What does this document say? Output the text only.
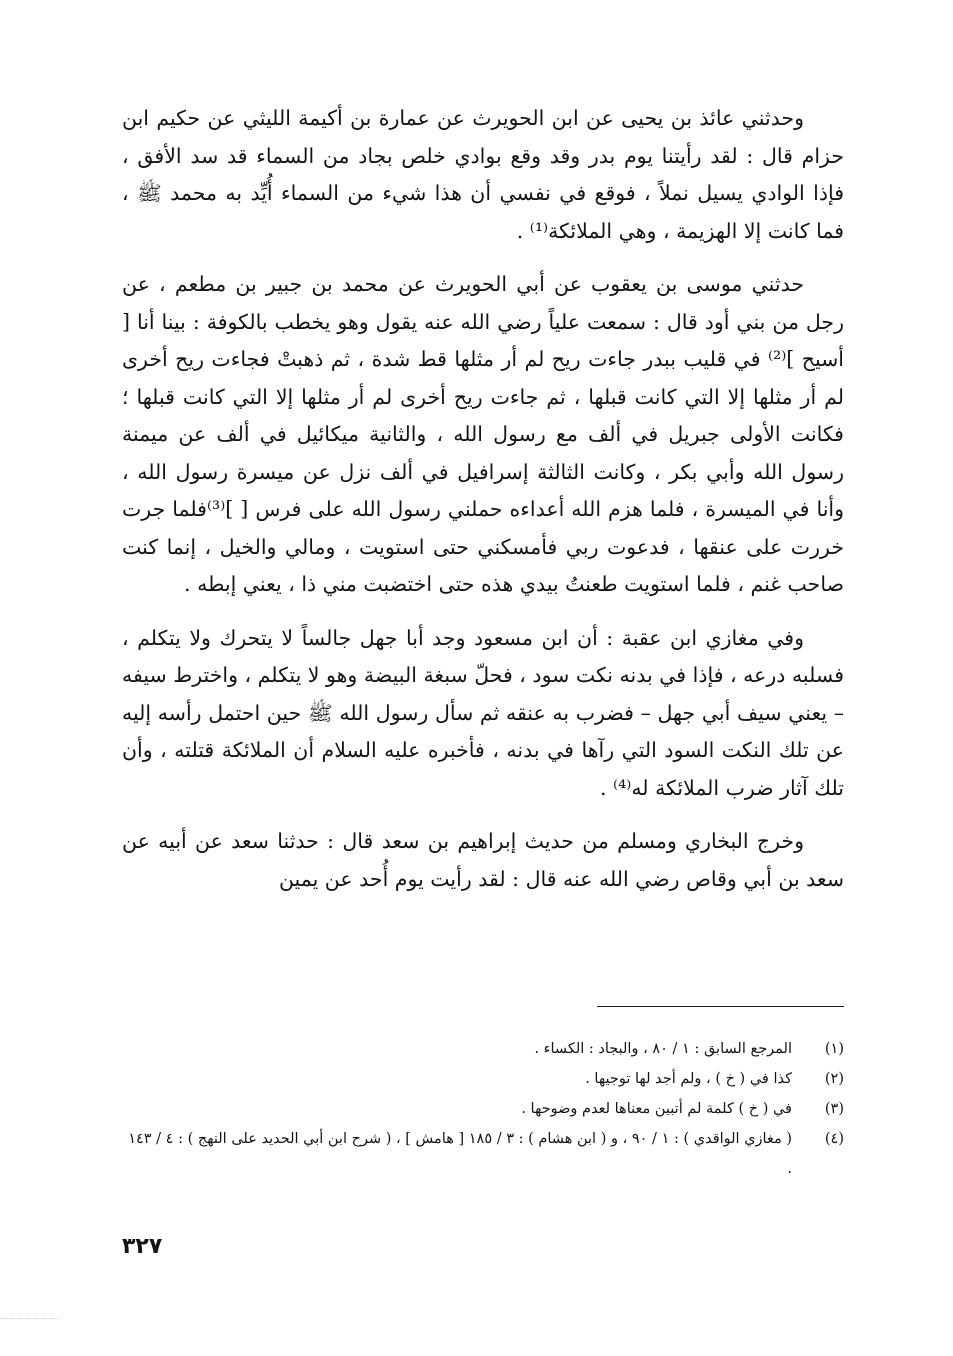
وحدثني عائذ بن يحيى عن ابن الحويرث عن عمارة بن أكيمة الليثي عن حكيم ابن حزام قال : لقد رأيتنا يوم بدر وقد وقع بوادي خلص بجاد من السماء قد سد الأفق ، فإذا الوادي يسيل نملاً ، فوقع في نفسي أن هذا شيء من السماء أُيِّد به محمد ﷺ ، فما كانت إلا الهزيمة ، وهي الملائكة⁽¹⁾ .

حدثني موسى بن يعقوب عن أبي الحويرث عن محمد بن جبير بن مطعم ، عن رجل من بني أود قال : سمعت علياً رضي الله عنه يقول وهو يخطب بالكوفة : بينا أنا [ أسيح ]⁽²⁾ في قليب ببدر جاءت ريح لم أر مثلها قط شدة ، ثم ذهبتْ فجاءت ريح أخرى لم أر مثلها إلا التي كانت قبلها ، ثم جاءت ريح أخرى لم أر مثلها إلا التي كانت قبلها ؛ فكانت الأولى جبريل في ألف مع رسول الله ، والثانية ميكائيل في ألف عن ميمنة رسول الله وأبي بكر ، وكانت الثالثة إسرافيل في ألف نزل عن ميسرة رسول الله ، وأنا في الميسرة ، فلما هزم الله أعداءه حملني رسول الله على فرس [ ]⁽³⁾فلما جرت خررت على عنقها ، فدعوت ربي فأمسكني حتى استويت ، ومالي والخيل ، إنما كنت صاحب غنم ، فلما استويت طعنتُ بيدي هذه حتى اختضبت مني ذا ، يعني إبطه .

وفي مغازي ابن عقبة : أن ابن مسعود وجد أبا جهل جالساً لا يتحرك ولا يتكلم ، فسلبه درعه ، فإذا في بدنه نكت سود ، فحلّ سبغة البيضة وهو لا يتكلم ، واخترط سيفه – يعني سيف أبي جهل – فضرب به عنقه ثم سأل رسول الله ﷺ حين احتمل رأسه إليه عن تلك النكت السود التي رآها في بدنه ، فأخبره عليه السلام أن الملائكة قتلته ، وأن تلك آثار ضرب الملائكة له⁽⁴⁾ .

وخرج البخاري ومسلم من حديث إبراهيم بن سعد قال : حدثنا سعد عن أبيه عن سعد بن أبي وقاص رضي الله عنه قال : لقد رأيت يوم أُحد عن يمين

(١)
المرجع السابق : ١ / ٨٠ ، والبجاد : الكساء .
(٢)
كذا في ( خ ) ، ولم أجد لها توجيها .
(٣)
في ( خ ) كلمة لم أتبين معناها لعدم وضوحها .
(٤)
( مغازي الواقدي ) : ١ / ٩٠ ، و ( ابن هشام ) : ٣ / ١٨٥ [ هامش ] ، ( شرح ابن أبي الحديد على النهج ) : ٤ / ١٤٣ .
٣٢٧
